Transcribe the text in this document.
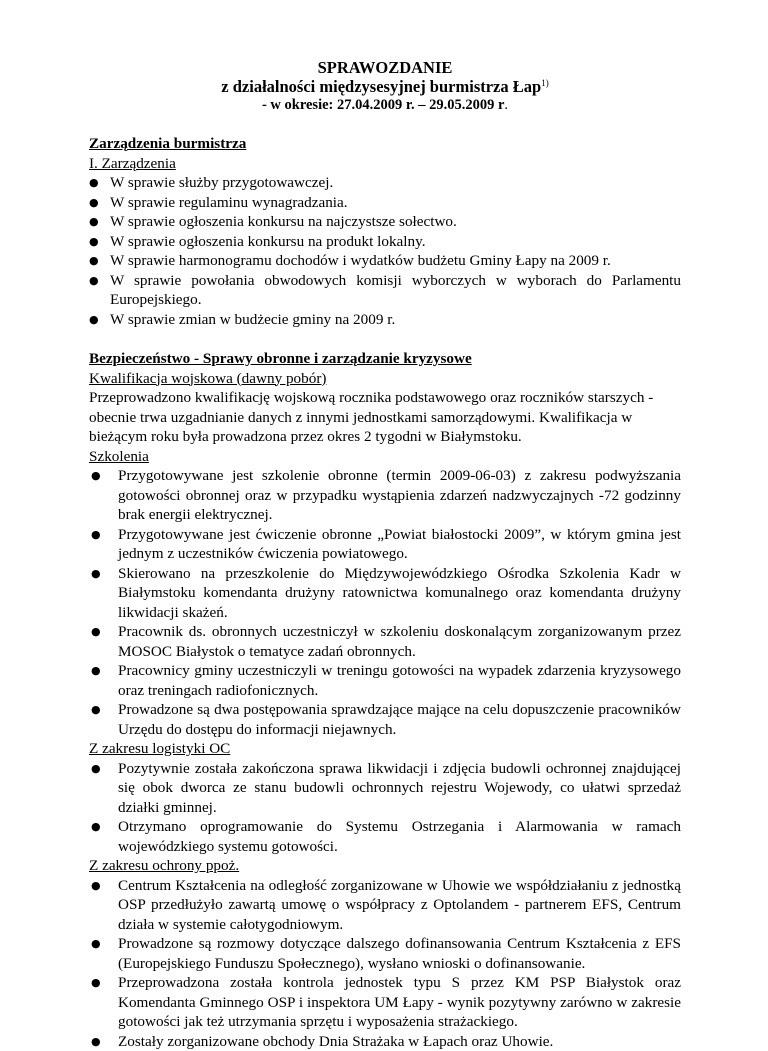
SPRAWOZDANIE
z działalności międzysesyjnej burmistrza Łap$^{1)}$
- w okresie: 27.04.2009 r. – 29.05.2009 r.
Zarządzenia burmistrza
I. Zarządzenia
● W sprawie służby przygotowawczej.
● W sprawie regulaminu wynagradzania.
● W sprawie ogłoszenia konkursu na najczystsze sołectwo.
● W sprawie ogłoszenia konkursu na produkt lokalny.
● W sprawie harmonogramu dochodów i wydatków budżetu Gminy Łapy na 2009 r.
● W sprawie powołania obwodowych komisji wyborczych w wyborach do Parlamentu Europejskiego.
● W sprawie zmian w budżecie gminy na 2009 r.
Bezpieczeństwo - Sprawy obronne i zarządzanie kryzysowe
Kwalifikacja wojskowa (dawny pobór)

Przeprowadzono kwalifikację wojskową rocznika podstawowego oraz roczników starszych - obecnie trwa uzgadnianie danych z innymi jednostkami samorządowymi. Kwalifikacja w bieżącym roku była prowadzona przez okres 2 tygodni w Białymstoku.

Szkolenia
● Przygotowywane jest szkolenie obronne (termin 2009-06-03) z zakresu podwyższania gotowości obronnej oraz w przypadku wystąpienia zdarzeń nadzwyczajnych -72 godzinny brak energii elektrycznej.
● Przygotowywane jest ćwiczenie obronne „Powiat białostocki 2009”, w którym gmina jest jednym z uczestników ćwiczenia powiatowego.
● Skierowano na przeszkolenie do Międzywojewódzkiego Ośrodka Szkolenia Kadr w Białymstoku komendanta drużyny ratownictwa komunalnego oraz komendanta drużyny likwidacji skażeń.
● Pracownik ds. obronnych uczestniczył w szkoleniu doskonalącym zorganizowanym przez MOSOC Białystok o tematyce zadań obronnych.
● Pracownicy gminy uczestniczyli w treningu gotowości na wypadek zdarzenia kryzysowego oraz treningach radiofonicznych.
● Prowadzone są dwa postępowania sprawdzające mające na celu dopuszczenie pracowników Urzędu do dostępu do informacji niejawnych.
Z zakresu logistyki OC
● Pozytywnie została zakończona sprawa likwidacji i zdjęcia budowli ochronnej znajdującej się obok dworca ze stanu budowli ochronnych rejestru Wojewody, co ułatwi sprzedaż działki gminnej.
● Otrzymano oprogramowanie do Systemu Ostrzegania i Alarmowania w ramach wojewódzkiego systemu gotowości.
Z zakresu ochrony ppoż.
● Centrum Kształcenia na odległość zorganizowane w Uhowie we współdziałaniu z jednostką OSP przedłużyło zawartą umowę o współpracy z Optolandem - partnerem EFS, Centrum działa w systemie całotygodniowym.
● Prowadzone są rozmowy dotyczące dalszego dofinansowania Centrum Kształcenia z EFS (Europejskiego Funduszu Społecznego), wysłano wnioski o dofinansowanie.
● Przeprowadzona została kontrola jednostek typu S przez KM PSP Białystok oraz Komendanta Gminnego OSP i inspektora UM Łapy - wynik pozytywny zarówno w zakresie gotowości jak też utrzymania sprzętu i wyposażenia strażackiego.
● Zostały zorganizowane obchody Dnia Strażaka w Łapach oraz Uhowie.
